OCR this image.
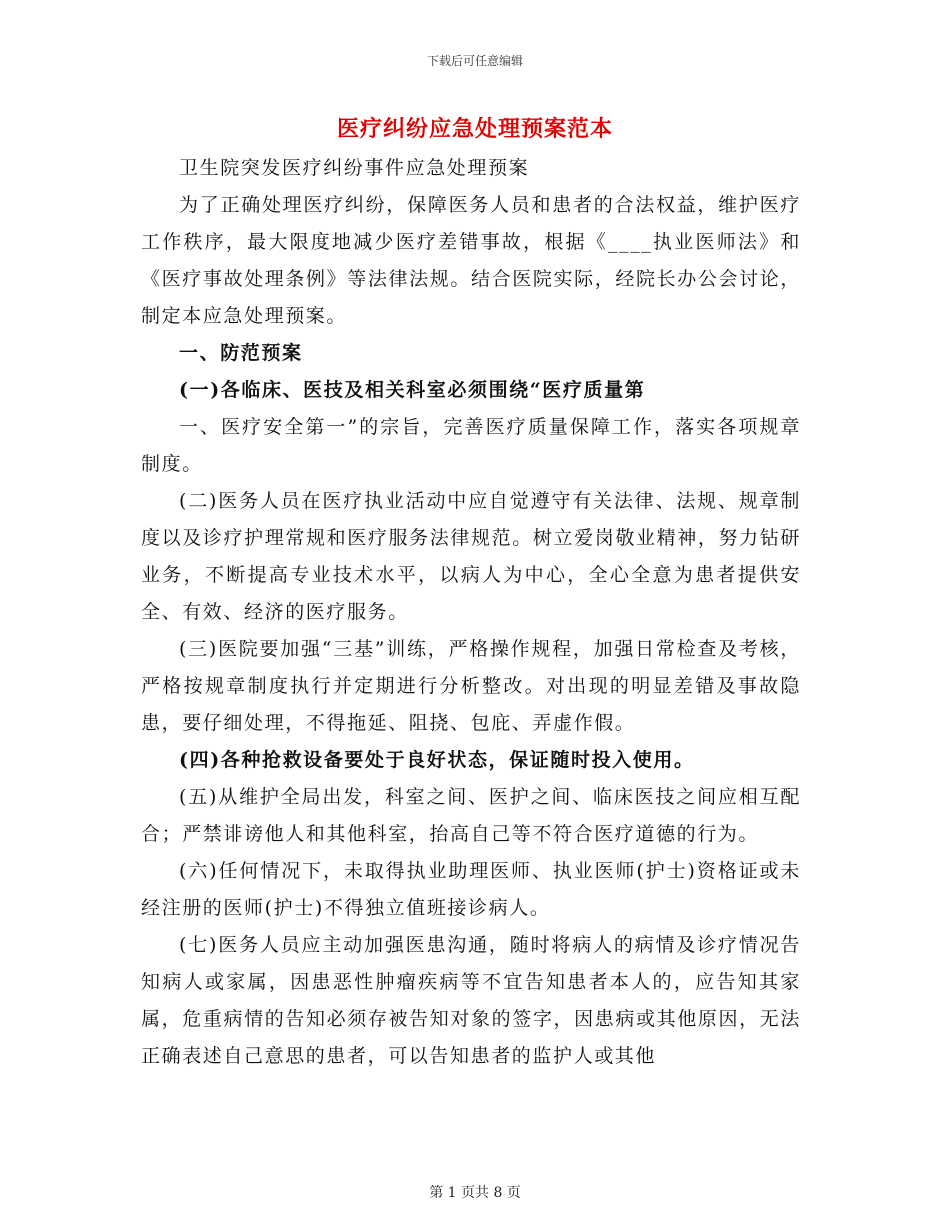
下载后可任意编辑
医疗纠纷应急处理预案范本

卫生院突发医疗纠纷事件应急处理预案

为了正确处理医疗纠纷，保障医务人员和患者的合法权益，维护医疗工作秩序，最大限度地减少医疗差错事故，根据《____执业医师法》和《医疗事故处理条例》等法律法规。结合医院实际，经院长办公会讨论，制定本应急处理预案。

一、防范预案

(一)各临床、医技及相关科室必须围绕“医疗质量第

一、医疗安全第一”的宗旨，完善医疗质量保障工作，落实各项规章制度。

(二)医务人员在医疗执业活动中应自觉遵守有关法律、法规、规章制度以及诊疗护理常规和医疗服务法律规范。树立爱岗敬业精神，努力钻研业务，不断提高专业技术水平，以病人为中心，全心全意为患者提供安全、有效、经济的医疗服务。

(三)医院要加强“三基”训练，严格操作规程，加强日常检查及考核，严格按规章制度执行并定期进行分析整改。对出现的明显差错及事故隐患，要仔细处理，不得拖延、阻挠、包庇、弄虚作假。

(四)各种抢救设备要处于良好状态，保证随时投入使用。

(五)从维护全局出发，科室之间、医护之间、临床医技之间应相互配合；严禁诽谤他人和其他科室，抬高自己等不符合医疗道德的行为。

(六)任何情况下，未取得执业助理医师、执业医师(护士)资格证或未经注册的医师(护士)不得独立值班接诊病人。

(七)医务人员应主动加强医患沟通，随时将病人的病情及诊疗情况告知病人或家属，因患恶性肿瘤疾病等不宜告知患者本人的，应告知其家属，危重病情的告知必须存被告知对象的签字，因患病或其他原因，无法正确表述自己意思的患者，可以告知患者的监护人或其他

第 1 页共 8 页
